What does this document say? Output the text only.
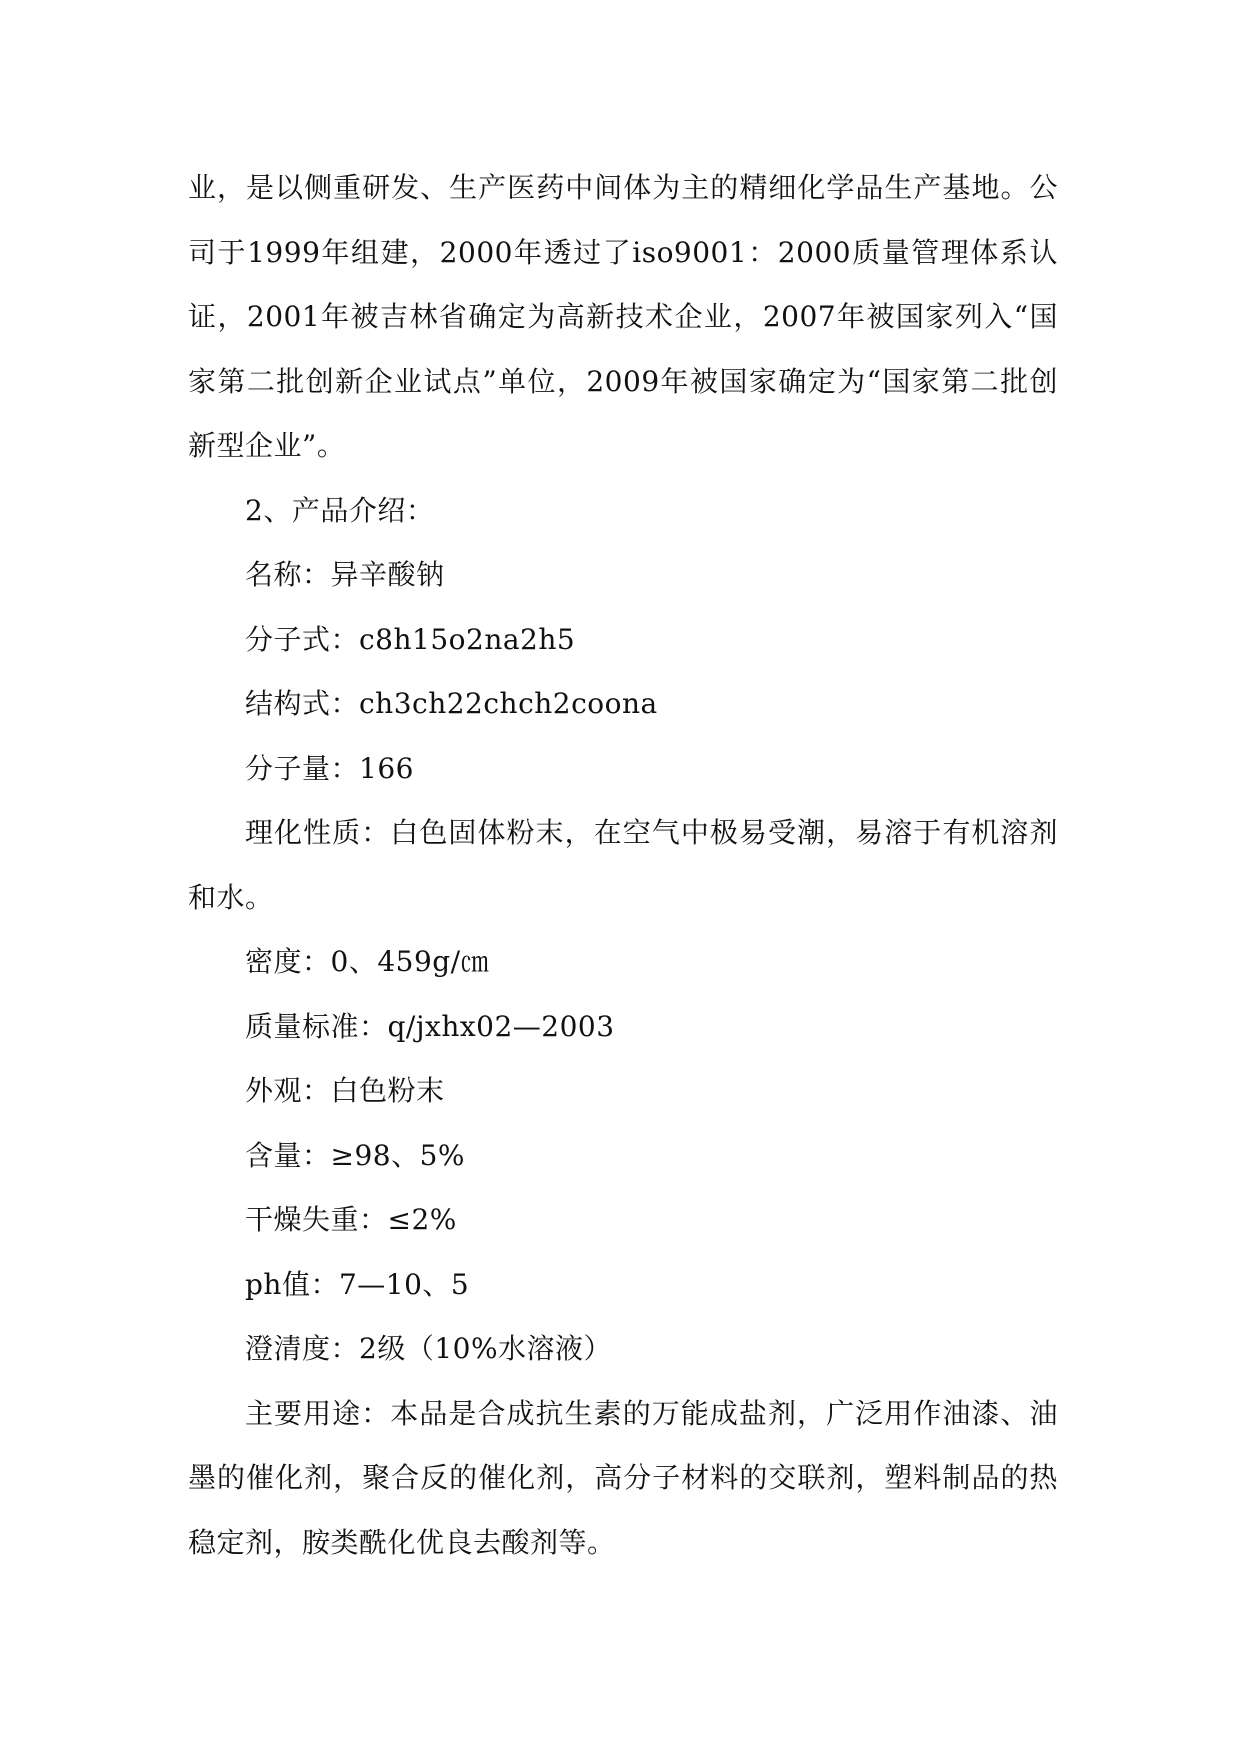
业，是以侧重研发、生产医药中间体为主的精细化学品生产基地。公司于1999年组建，2000年透过了iso9001：2000质量管理体系认证，2001年被吉林省确定为高新技术企业，2007年被国家列入“国家第二批创新企业试点”单位，2009年被国家确定为“国家第二批创新型企业”。

2、产品介绍：

名称：异辛酸钠

分子式：c8h15o2na2h5

结构式：ch3ch22chch2coona

分子量：166

理化性质：白色固体粉末，在空气中极易受潮，易溶于有机溶剂和水。

密度：0、459g/㎝

质量标准：q/jxhx02—2003

外观：白色粉末

含量：≥98、5%

干燥失重：≤2%

ph值：7—10、5

澄清度：2级（10%水溶液）

主要用途：本品是合成抗生素的万能成盐剂，广泛用作油漆、油墨的催化剂，聚合反的催化剂，高分子材料的交联剂，塑料制品的热稳定剂，胺类酰化优良去酸剂等。
